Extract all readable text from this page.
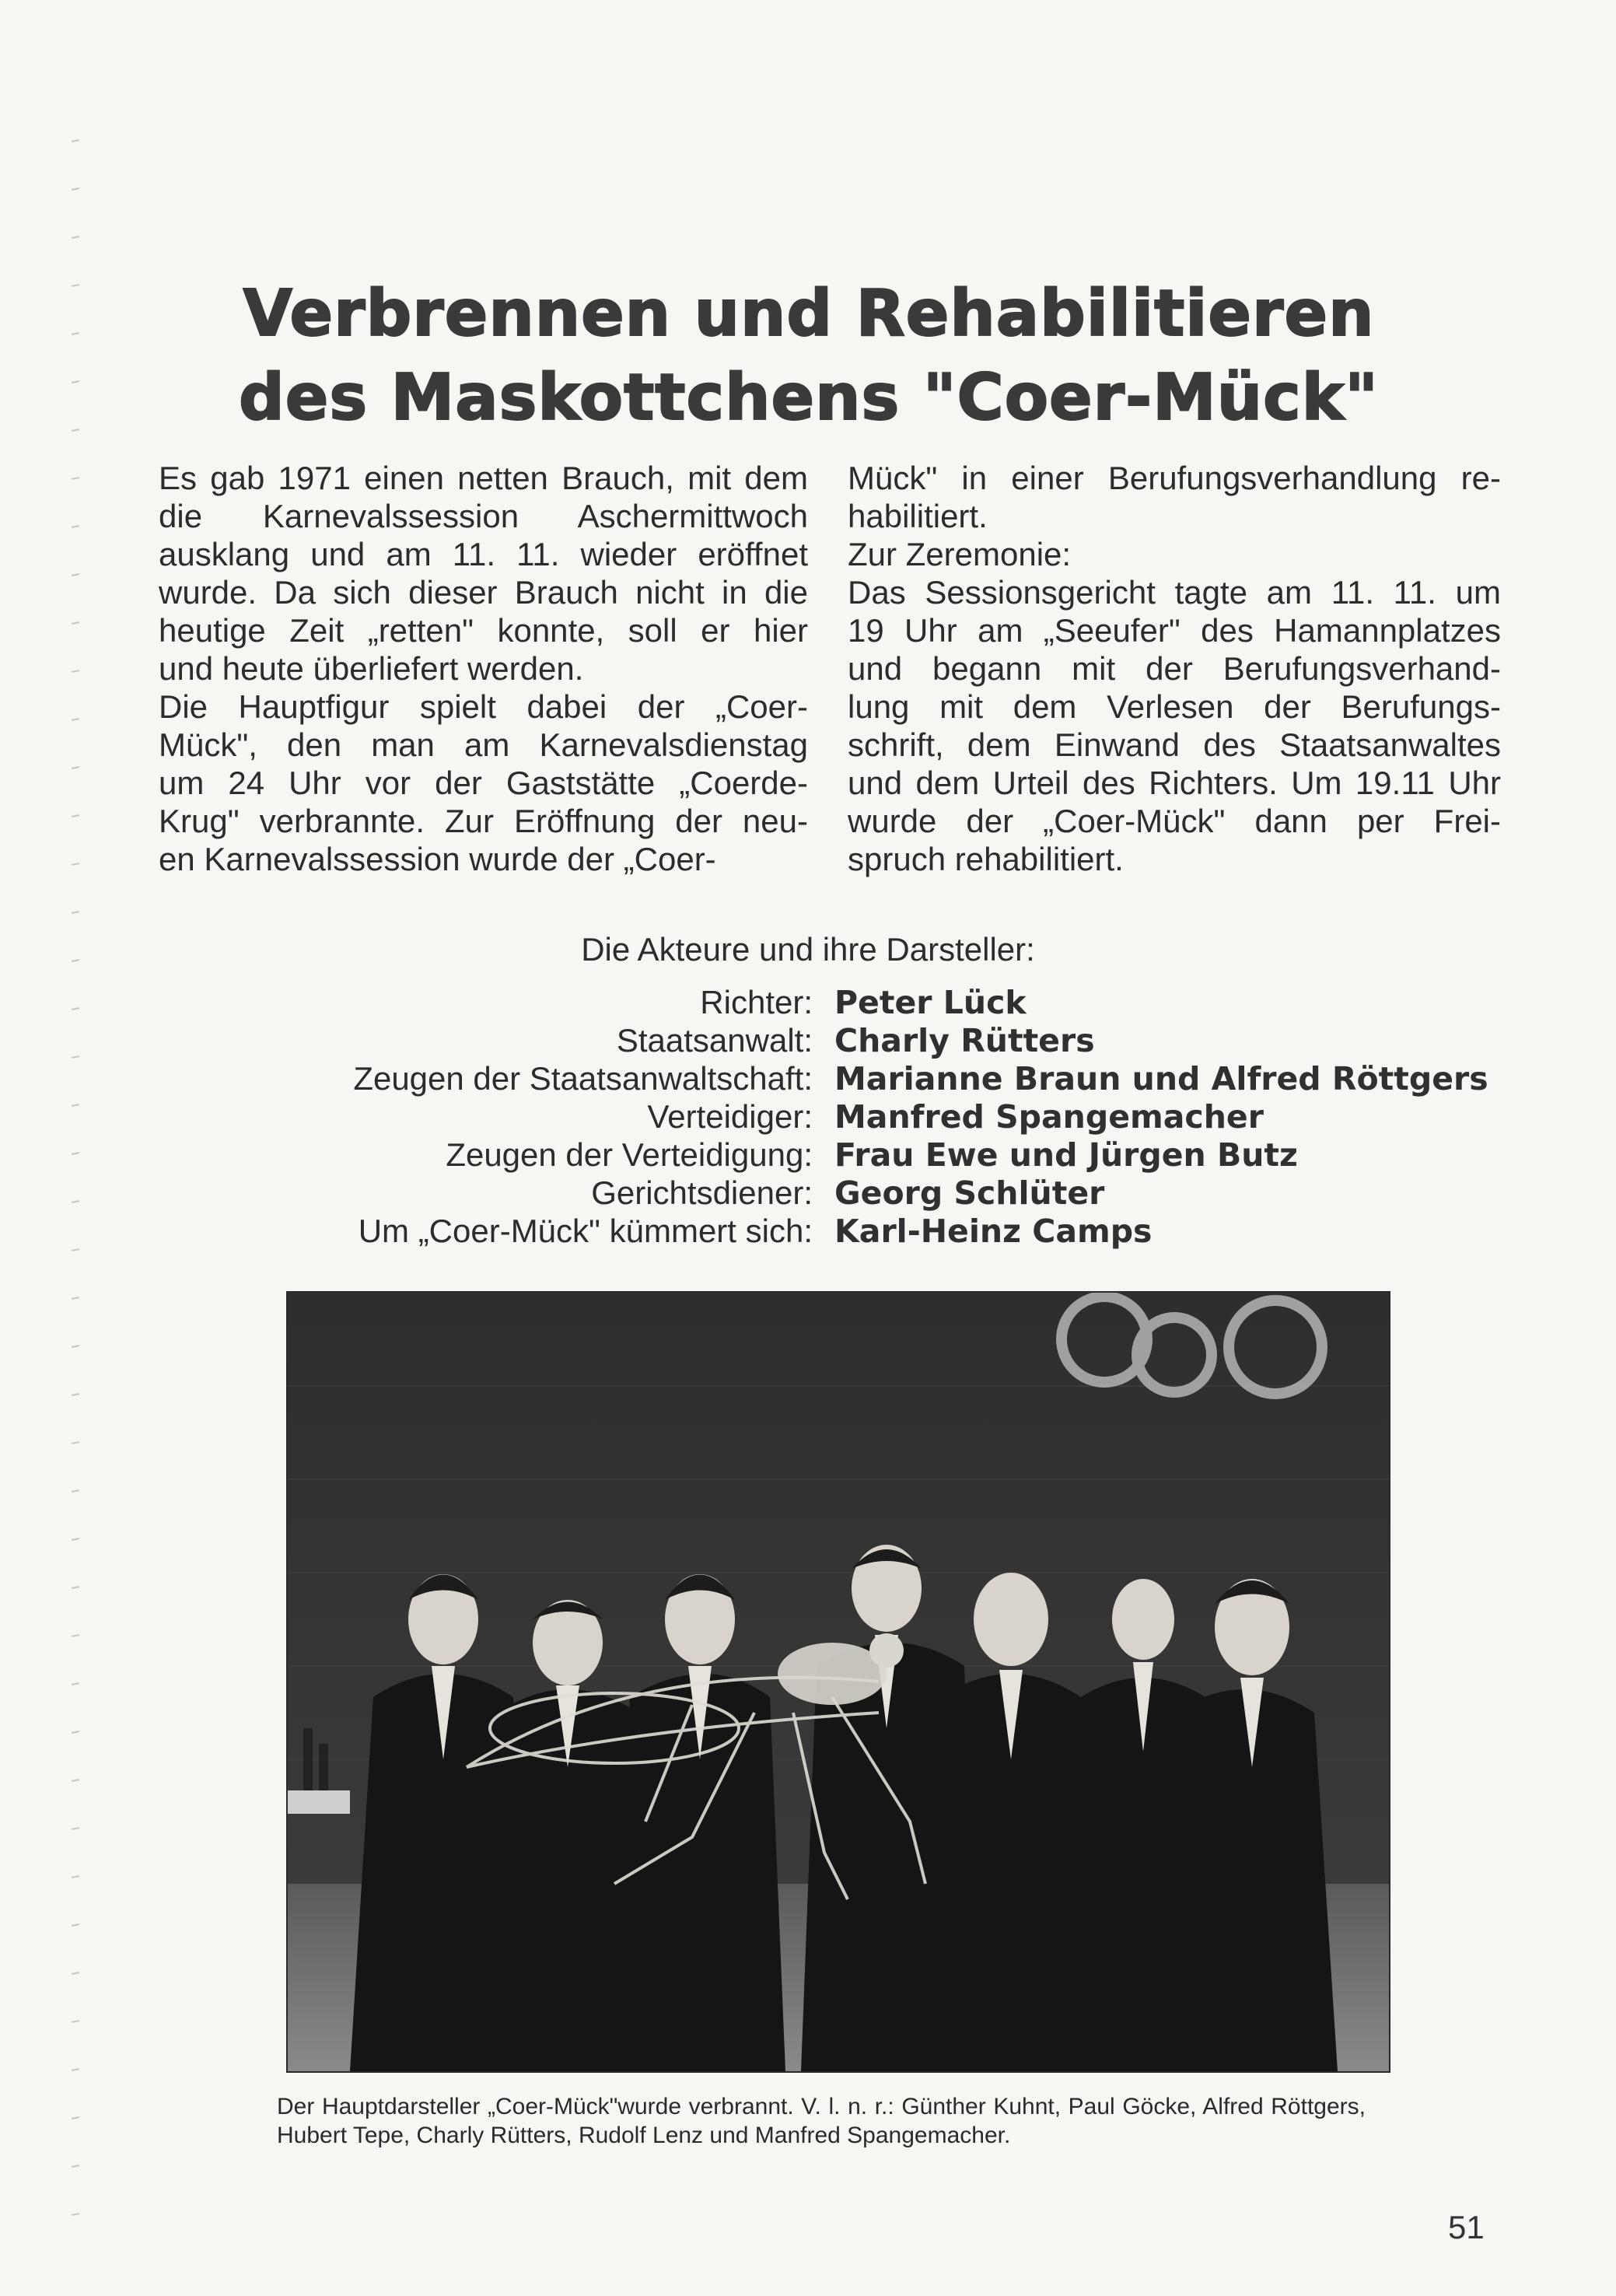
Verbrennen und Rehabilitieren
des Maskottchens "Coer-Mück"

Es gab 1971 einen netten Brauch, mit dem

die Karnevalssession Aschermittwoch

ausklang und am 11. 11. wieder eröffnet

wurde. Da sich dieser Brauch nicht in die

heutige Zeit „retten" konnte, soll er hier

und heute überliefert werden.

Die Hauptfigur spielt dabei der „Coer-

Mück", den man am Karnevalsdienstag

um 24 Uhr vor der Gaststätte „Coerde-

Krug" verbrannte. Zur Eröffnung der neu-

en Karnevalssession wurde der „Coer-

Mück" in einer Berufungsverhandlung re-

habilitiert.

Zur Zeremonie:

Das Sessionsgericht tagte am 11. 11. um

19 Uhr am „Seeufer" des Hamannplatzes

und begann mit der Berufungsverhand-

lung mit dem Verlesen der Berufungs-

schrift, dem Einwand des Staatsanwaltes

und dem Urteil des Richters. Um 19.11 Uhr

wurde der „Coer-Mück" dann per Frei-

spruch rehabilitiert.

Die Akteure und ihre Darsteller:
Richter: Peter Lück
Staatsanwalt: Charly Rütters
Zeugen der Staatsanwaltschaft: Marianne Braun und Alfred Röttgers
Verteidiger: Manfred Spangemacher
Zeugen der Verteidigung: Frau Ewe und Jürgen Butz
Gerichtsdiener: Georg Schlüter
Um „Coer-Mück" kümmert sich: Karl-Heinz Camps

Der Hauptdarsteller „Coer-Mück"wurde verbrannt. V. l. n. r.: Günther Kuhnt, Paul Göcke, Alfred Röttgers, Hubert Tepe, Charly Rütters, Rudolf Lenz und Manfred Spangemacher.

51
